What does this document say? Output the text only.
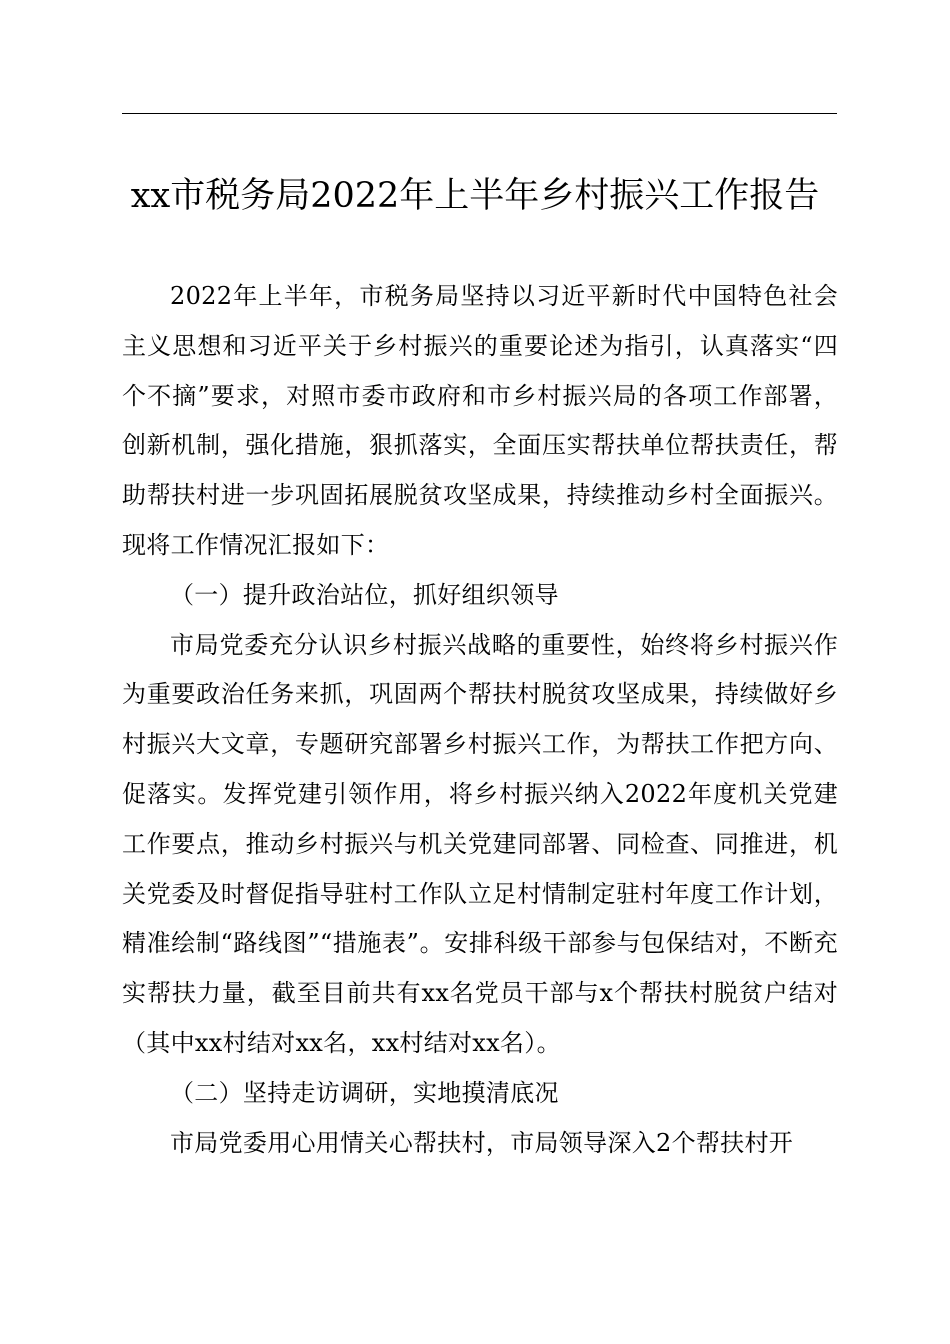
xx市税务局2022年上半年乡村振兴工作报告

2022年上半年，市税务局坚持以习近平新时代中国特色社会主义思想和习近平关于乡村振兴的重要论述为指引，认真落实“四个不摘”要求，对照市委市政府和市乡村振兴局的各项工作部署，创新机制，强化措施，狠抓落实，全面压实帮扶单位帮扶责任，帮助帮扶村进一步巩固拓展脱贫攻坚成果，持续推动乡村全面振兴。现将工作情况汇报如下：

（一）提升政治站位，抓好组织领导

市局党委充分认识乡村振兴战略的重要性，始终将乡村振兴作为重要政治任务来抓，巩固两个帮扶村脱贫攻坚成果，持续做好乡村振兴大文章，专题研究部署乡村振兴工作，为帮扶工作把方向、促落实。发挥党建引领作用，将乡村振兴纳入2022年度机关党建工作要点，推动乡村振兴与机关党建同部署、同检查、同推进，机关党委及时督促指导驻村工作队立足村情制定驻村年度工作计划，精准绘制“路线图”“措施表”。安排科级干部参与包保结对，不断充实帮扶力量，截至目前共有xx名党员干部与x个帮扶村脱贫户结对（其中xx村结对xx名，xx村结对xx名）。

（二）坚持走访调研，实地摸清底况

市局党委用心用情关心帮扶村，市局领导深入2个帮扶村开
